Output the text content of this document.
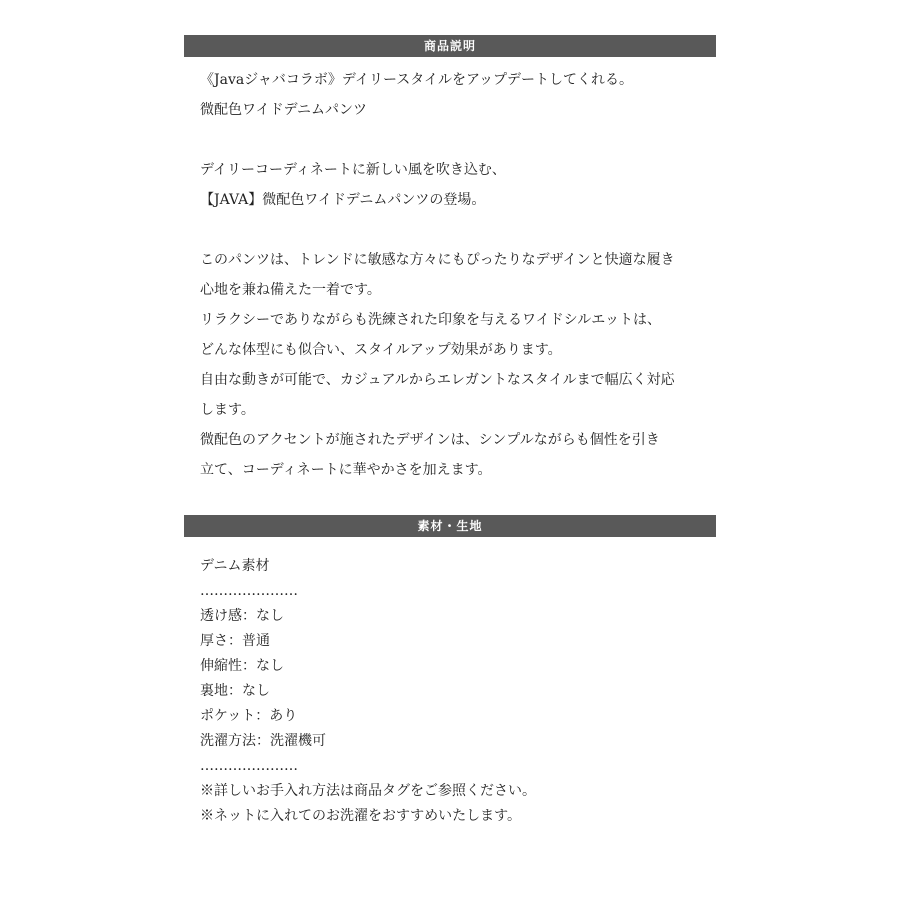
商品説明
《Javaジャバコラボ》デイリースタイルをアップデートしてくれる。
微配色ワイドデニムパンツ
デイリーコーディネートに新しい風を吹き込む、
【JAVA】微配色ワイドデニムパンツの登場。
このパンツは、トレンドに敏感な方々にもぴったりなデザインと快適な履き
心地を兼ね備えた一着です。
リラクシーでありながらも洗練された印象を与えるワイドシルエットは、
どんな体型にも似合い、スタイルアップ効果があります。
自由な動きが可能で、カジュアルからエレガントなスタイルまで幅広く対応
します。
微配色のアクセントが施されたデザインは、シンプルながらも個性を引き
立て、コーディネートに華やかさを加えます。
素材・生地
デニム素材
…………………
透け感：なし
厚さ：普通
伸縮性：なし
裏地：なし
ポケット：あり
洗濯方法：洗濯機可
…………………
※詳しいお手入れ方法は商品タグをご参照ください。
※ネットに入れてのお洗濯をおすすめいたします。
